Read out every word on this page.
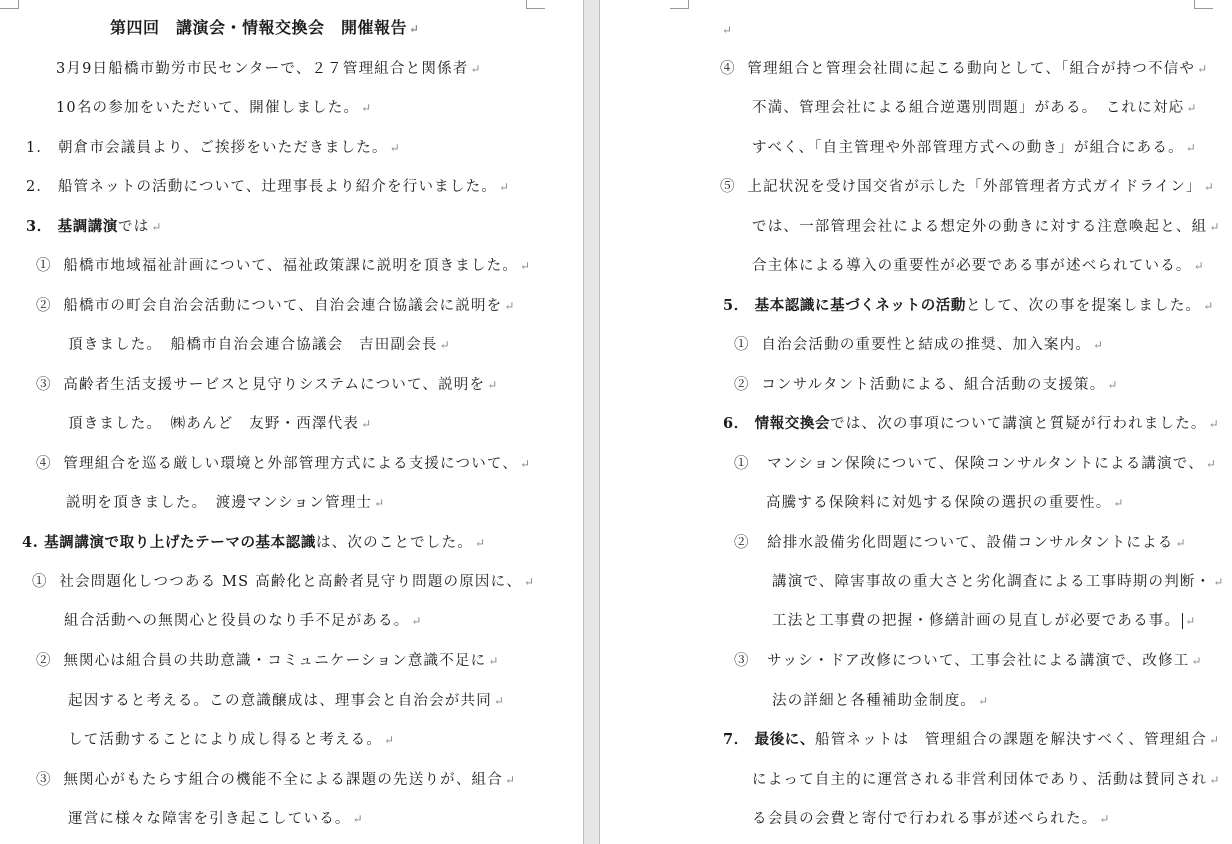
第四回　講演会・情報交換会　開催報告 ↵
3月9日船橋市勤労市民センターで、２７管理組合と関係者 ↵
10名の参加をいただいて、開催しました。 ↵
1． 朝倉市会議員より、ご挨拶をいただきました。 ↵
2． 船管ネットの活動について、辻理事長より紹介を行いました。 ↵
3． 基調講演では ↵
① 船橋市地域福祉計画について、福祉政策課に説明を頂きました。 ↵
② 船橋市の町会自治会活動について、自治会連合協議会に説明を ↵
頂きました。　船橋市自治会連合協議会　吉田副会長 ↵
③ 高齢者生活支援サービスと見守りシステムについて、説明を ↵
頂きました。　㈱あんど　友野・西澤代表 ↵
④ 管理組合を巡る厳しい環境と外部管理方式による支援について、 ↵
説明を頂きました。　渡邊マンション管理士 ↵
4. 基調講演で取り上げたテーマの基本認識は、次のことでした。 ↵
① 社会問題化しつつある MS 高齢化と高齢者見守り問題の原因に、 ↵
組合活動への無関心と役員のなり手不足がある。 ↵
② 無関心は組合員の共助意識・コミュニケーション意識不足に ↵
起因すると考える。この意識醸成は、理事会と自治会が共同 ↵
して活動することにより成し得ると考える。 ↵
③ 無関心がもたらす組合の機能不全による課題の先送りが、組合 ↵
運営に様々な障害を引き起こしている。 ↵
↵
④ 管理組合と管理会社間に起こる動向として、「組合が持つ不信や ↵
不満、管理会社による組合逆選別問題」がある。　これに対応 ↵
すべく、「自主管理や外部管理方式への動き」が組合にある。 ↵
⑤ 上記状況を受け国交省が示した「外部管理者方式ガイドライン」 ↵
では、一部管理会社による想定外の動きに対する注意喚起と、組 ↵
合主体による導入の重要性が必要である事が述べられている。 ↵
5． 基本認識に基づくネットの活動として、次の事を提案しました。 ↵
① 自治会活動の重要性と結成の推奨、加入案内。 ↵
② コンサルタント活動による、組合活動の支援策。 ↵
6． 情報交換会では、次の事項について講演と質疑が行われました。 ↵
① マンション保険について、保険コンサルタントによる講演で、 ↵
高騰する保険料に対処する保険の選択の重要性。 ↵
② 給排水設備劣化問題について、設備コンサルタントによる ↵
講演で、障害事故の重大さと劣化調査による工事時期の判断・ ↵
工法と工事費の把握・修繕計画の見直しが必要である事。 ↵
③ サッシ・ドア改修について、工事会社による講演で、改修工 ↵
法の詳細と各種補助金制度。 ↵
7． 最後に、船管ネットは　管理組合の課題を解決すべく、管理組合 ↵
によって自主的に運営される非営利団体であり、活動は賛同され ↵
る会員の会費と寄付で行われる事が述べられた。 ↵
